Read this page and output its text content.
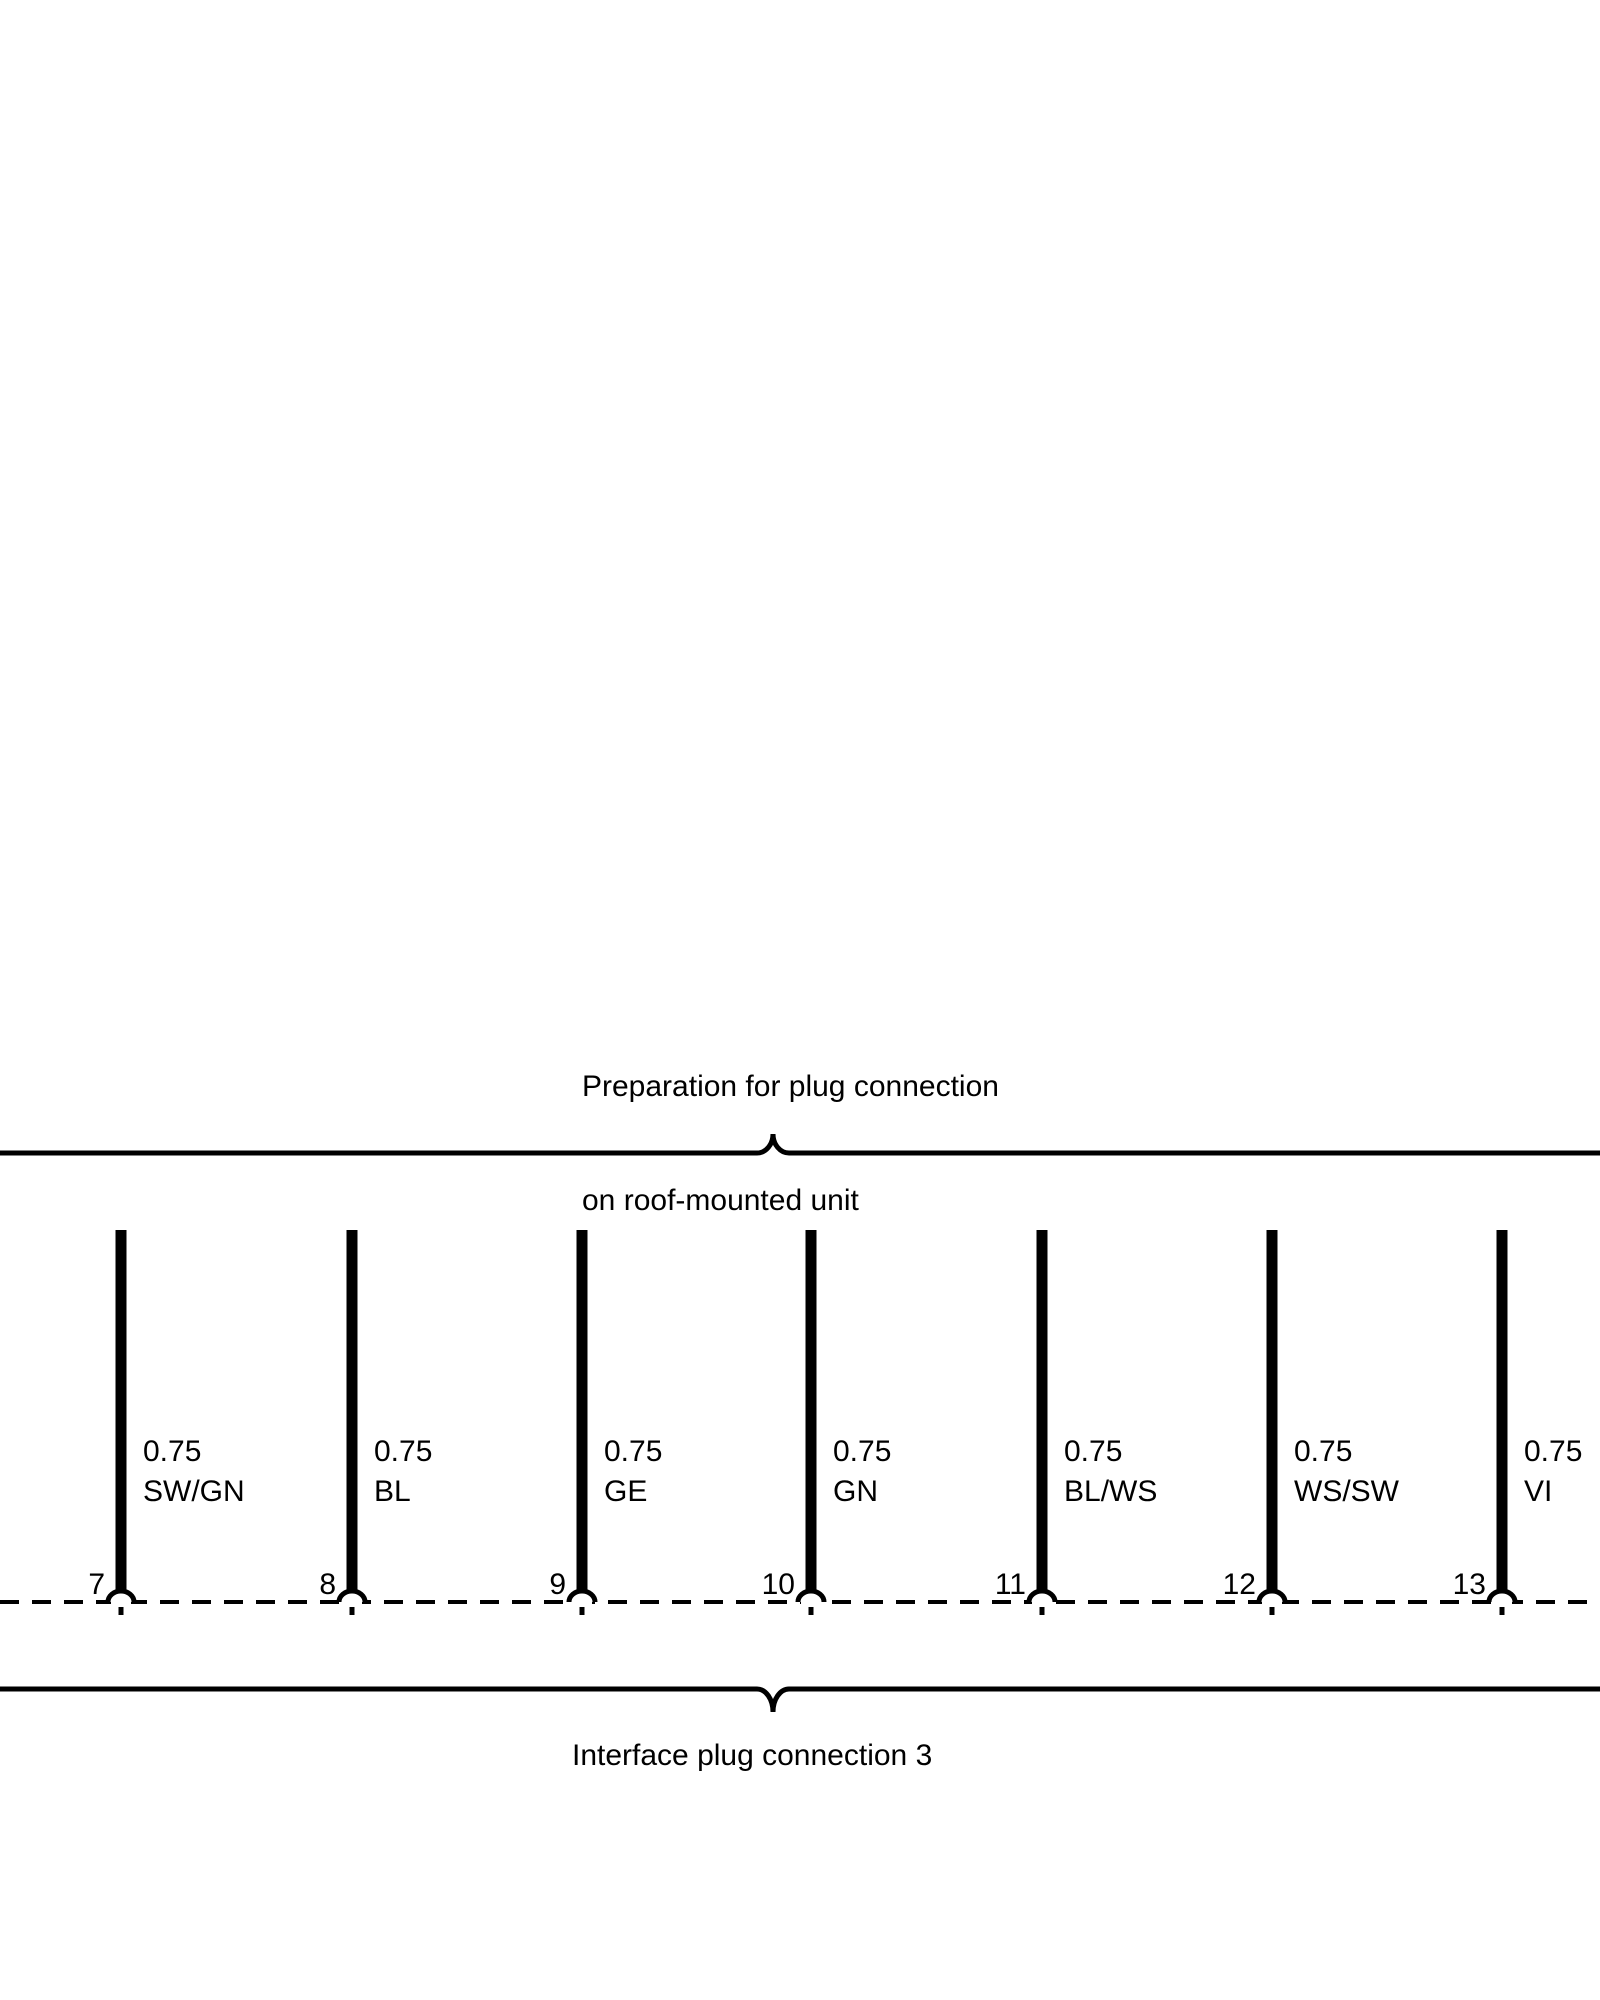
Preparation for plug connection

on roof-mounted unit

Interface plug connection 3
7
0.75
SW/GN
8
0.75
BL
9
0.75
GE
10
0.75
GN
11
0.75
BL/WS
12
0.75
WS/SW
13
0.75
VI
